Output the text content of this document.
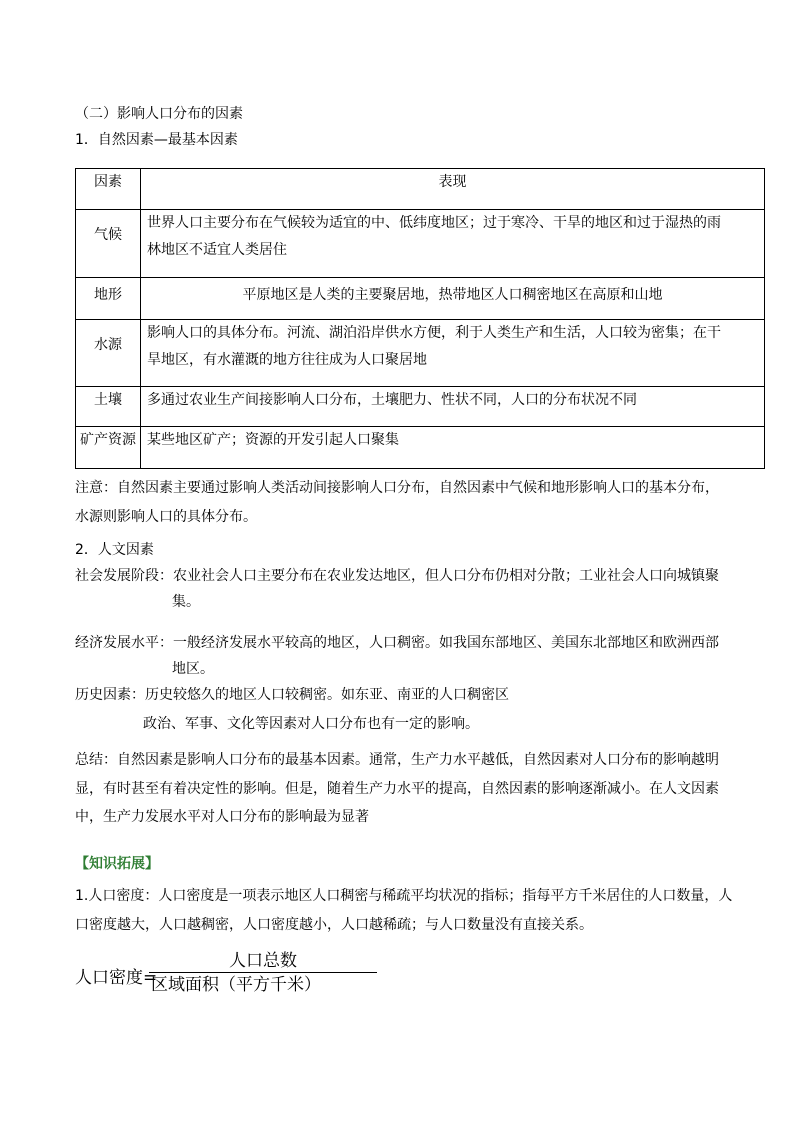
（二）影响人口分布的因素
1．自然因素—最基本因素
因素	表现
气候	世界人口主要分布在气候较为适宜的中、低纬度地区；过于寒冷、干旱的地区和过于湿热的雨
林地区不适宜人类居住

地形	平原地区是人类的主要聚居地，热带地区人口稠密地区在高原和山地
水源	影响人口的具体分布。河流、湖泊沿岸供水方便，利于人类生产和生活，人口较为密集；在干
旱地区，有水灌溉的地方往往成为人口聚居地

土壤	多通过农业生产间接影响人口分布，土壤肥力、性状不同，人口的分布状况不同
矿产资源	某些地区矿产；资源的开发引起人口聚集
注意：自然因素主要通过影响人类活动间接影响人口分布，自然因素中气候和地形影响人口的基本分布，
水源则影响人口的具体分布。
2．人文因素
社会发展阶段：农业社会人口主要分布在农业发达地区，但人口分布仍相对分散；工业社会人口向城镇聚
集。
经济发展水平：一般经济发展水平较高的地区，人口稠密。如我国东部地区、美国东北部地区和欧洲西部
地区。
历史因素：历史较悠久的地区人口较稠密。如东亚、南亚的人口稠密区
政治、军事、文化等因素对人口分布也有一定的影响。
总结：自然因素是影响人口分布的最基本因素。通常，生产力水平越低，自然因素对人口分布的影响越明
显，有时甚至有着决定性的影响。但是，随着生产力水平的提高，自然因素的影响逐渐减小。在人文因素
中，生产力发展水平对人口分布的影响最为显著
【知识拓展】
1.人口密度：人口密度是一项表示地区人口稠密与稀疏平均状况的指标；指每平方千米居住的人口数量，人
口密度越大，人口越稠密，人口密度越小，人口越稀疏；与人口数量没有直接关系。
人口密度=
人口总数
区域面积（平方千米）
